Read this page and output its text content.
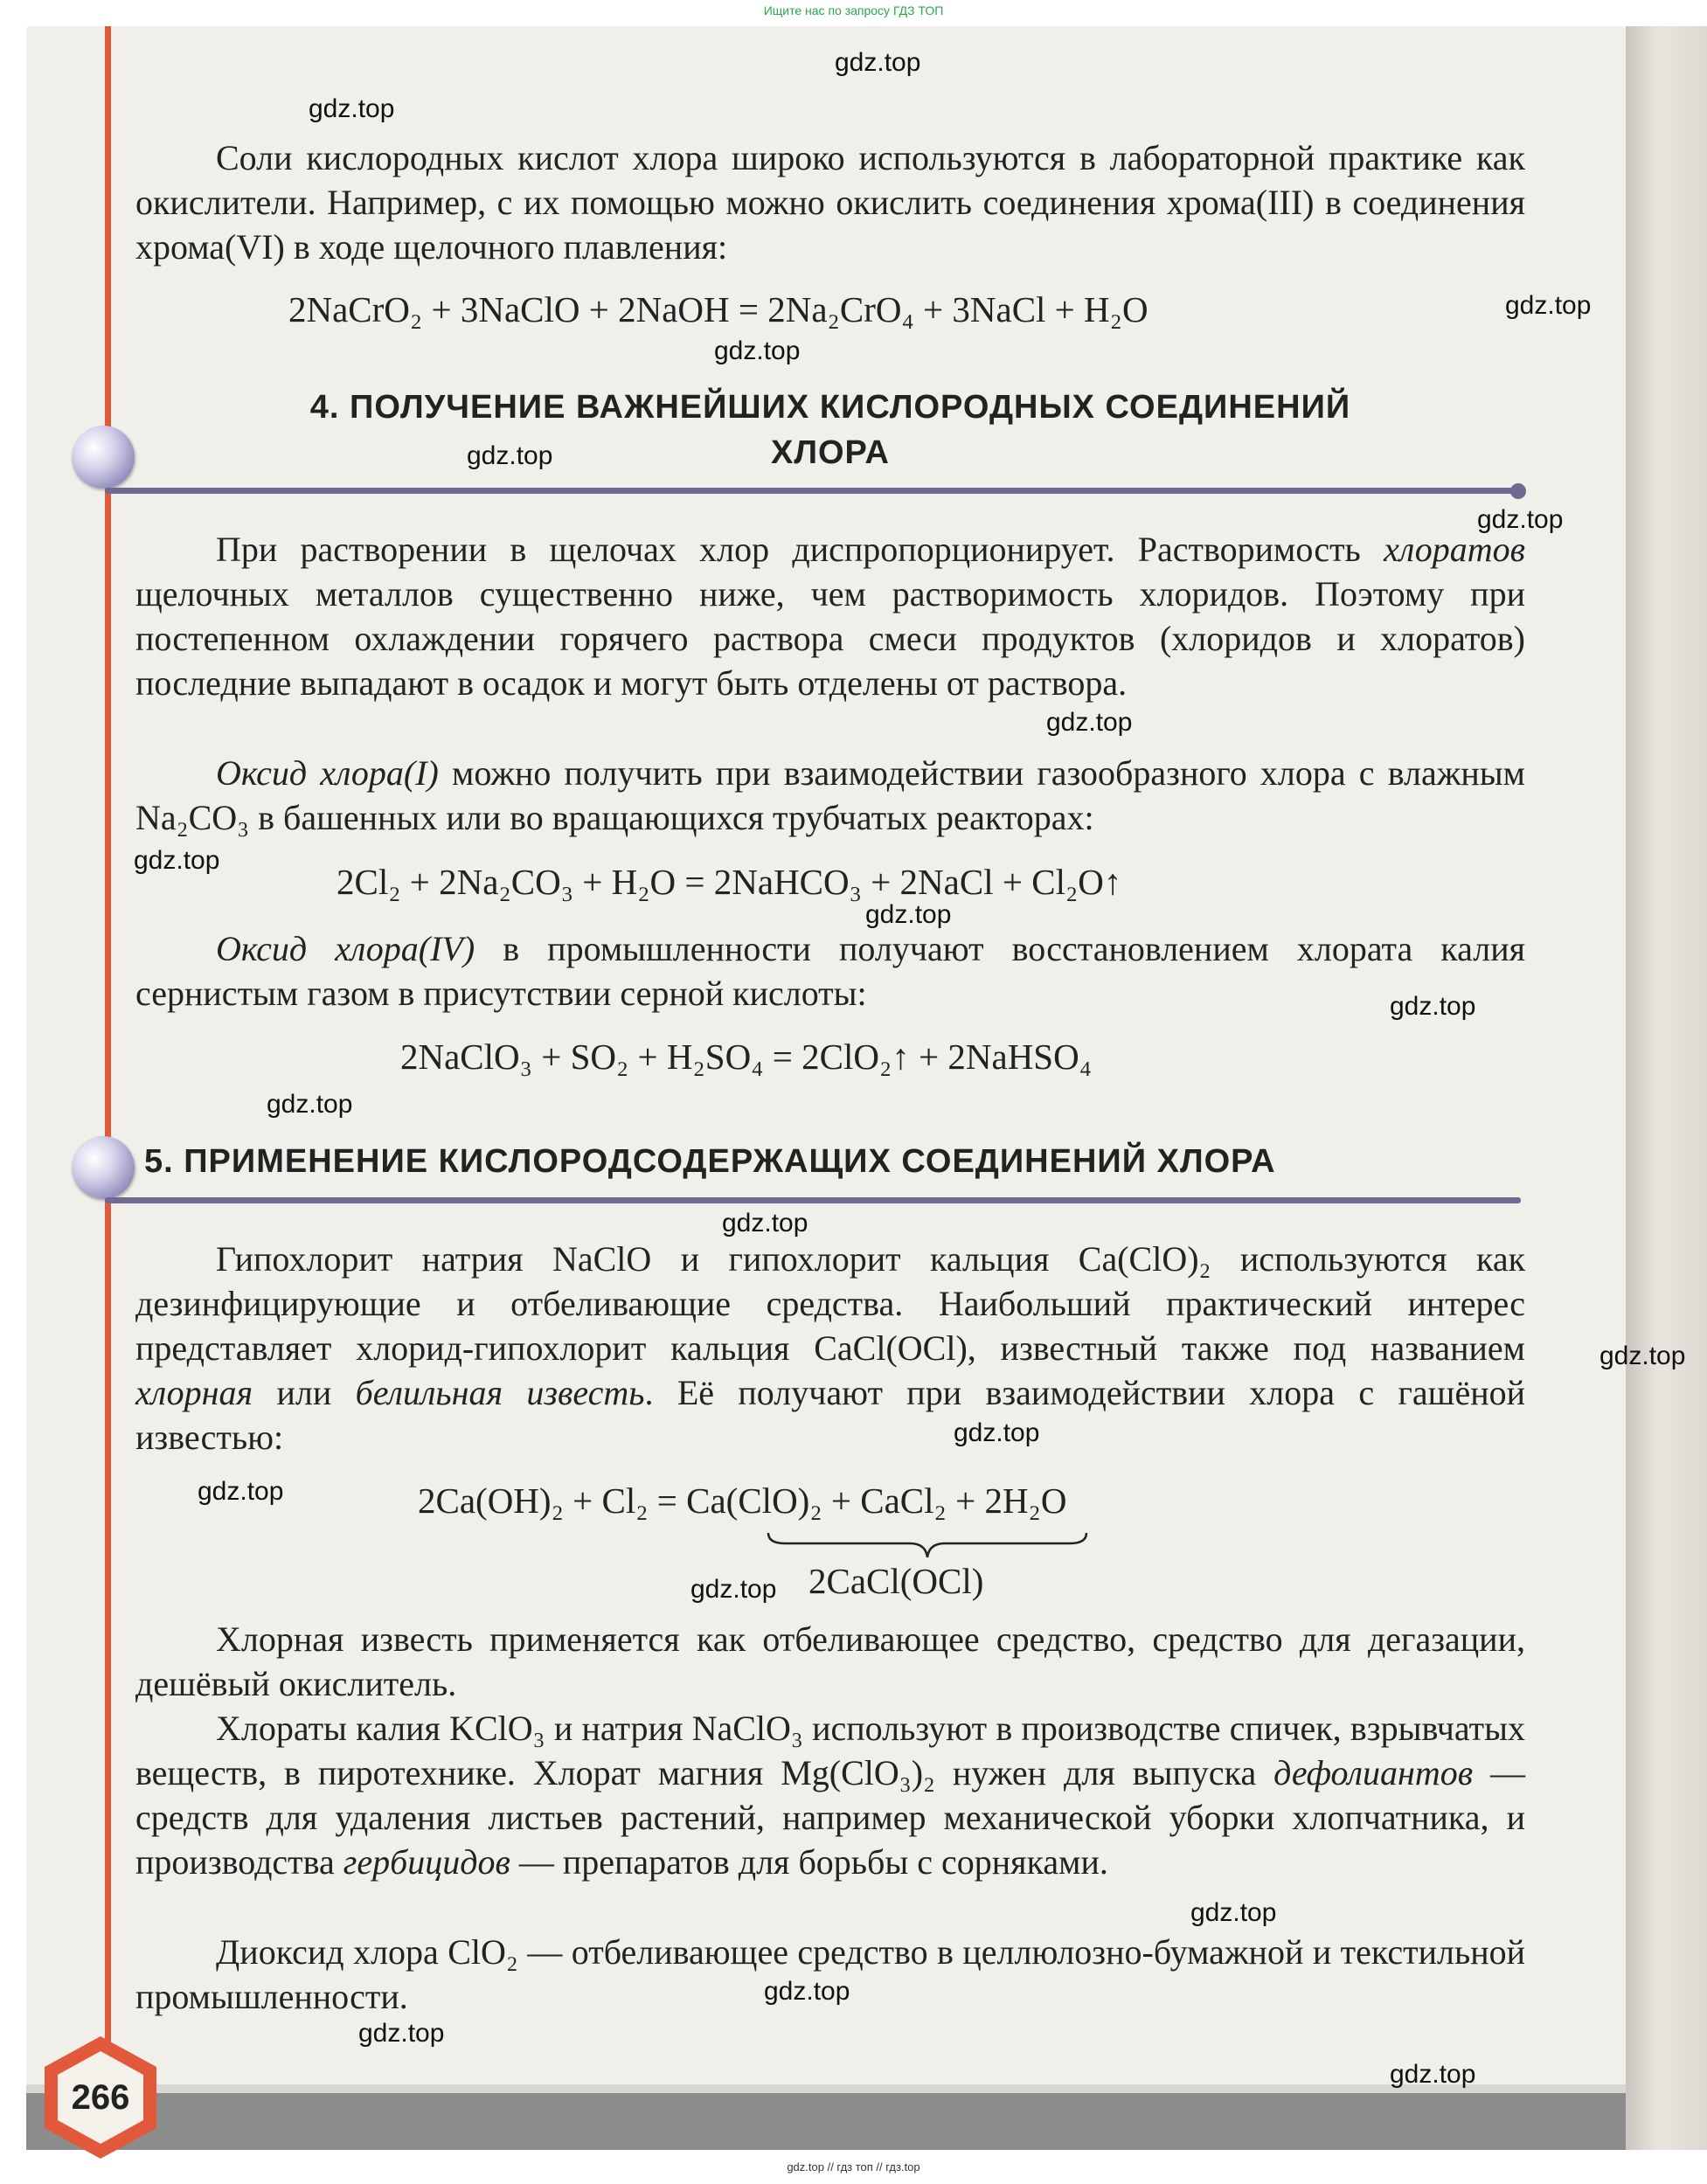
Ищите нас по запросу ГДЗ ТОП
Соли кислородных кислот хлора широко используются в лабораторной практике как окислители. Например, с их помощью можно окислить соединения хрома(III) в соединения хрома(VI) в ходе щелочного плавления:
2NaCrO₂ + 3NaClO + 2NaOH = 2Na₂CrO₄ + 3NaCl + H₂O
4. ПОЛУЧЕНИЕ ВАЖНЕЙШИХ КИСЛОРОДНЫХ СОЕДИНЕНИЙ
ХЛОРА
При растворении в щелочах хлор диспропорционирует. Растворимость хлоратов щелочных металлов существенно ниже, чем растворимость хлоридов. Поэтому при постепенном охлаждении горячего раствора смеси продуктов (хлоридов и хлоратов) последние выпадают в осадок и могут быть отделены от раствора.
Оксид хлора(I) можно получить при взаимодействии газообразного хлора с влажным Na₂CO₃ в башенных или во вращающихся трубчатых реакторах:
2Cl₂ + 2Na₂CO₃ + H₂O = 2NaHCO₃ + 2NaCl + Cl₂O↑
Оксид хлора(IV) в промышленности получают восстановлением хлората калия сернистым газом в присутствии серной кислоты:
2NaClO₃ + SO₂ + H₂SO₄ = 2ClO₂↑ + 2NaHSO₄
5. ПРИМЕНЕНИЕ КИСЛОРОДСОДЕРЖАЩИХ СОЕДИНЕНИЙ ХЛОРА
Гипохлорит натрия NaClO и гипохлорит кальция Ca(ClO)₂ используются как дезинфицирующие и отбеливающие средства. Наибольший практический интерес представляет хлорид-гипохлорит кальция CaCl(OCl), известный также под названием хлорная или белильная известь. Её получают при взаимодействии хлора с гашёной известью:
2Ca(OH)₂ + Cl₂ = Ca(ClO)₂ + CaCl₂ + 2H₂O
2CaCl(OCl)
Хлорная известь применяется как отбеливающее средство, средство для дегазации, дешёвый окислитель.
Хлораты калия KClO₃ и натрия NaClO₃ используют в производстве спичек, взрывчатых веществ, в пиротехнике. Хлорат магния Mg(ClO₃)₂ нужен для выпуска дефолиантов — средств для удаления листьев растений, например механической уборки хлопчатника, и производства гербицидов — препаратов для борьбы с сорняками.
Диоксид хлора ClO₂ — отбеливающее средство в целлюлозно-бумажной и текстильной промышленности.
266
gdz.top
gdz.top
gdz.top
gdz.top
gdz.top
gdz.top
gdz.top
gdz.top
gdz.top
gdz.top
gdz.top
gdz.top
gdz.top
gdz.top
gdz.top
gdz.top
gdz.top
gdz.top
gdz.top
gdz.top
gdz.top // гдз топ // гдз.top
